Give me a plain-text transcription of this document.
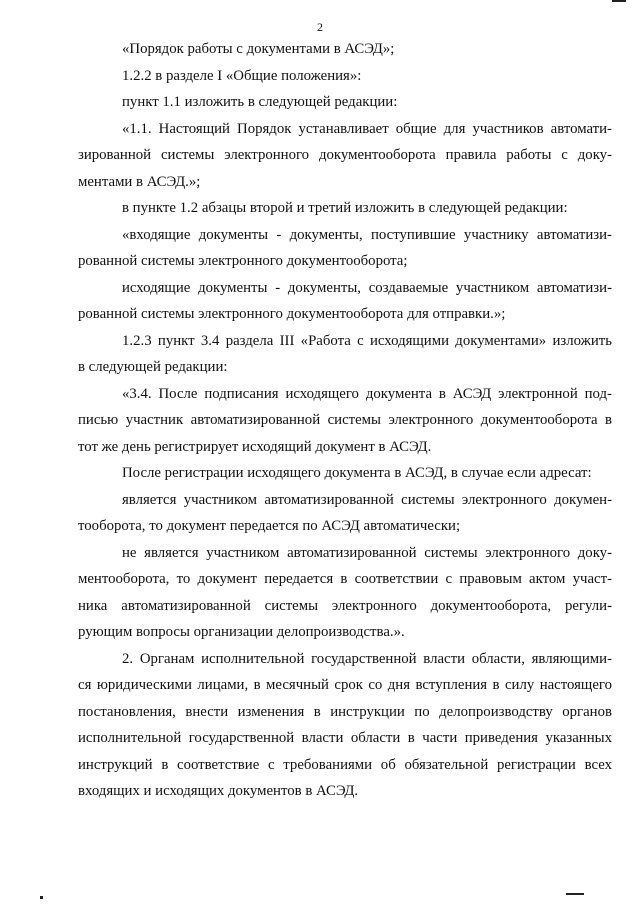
2
«Порядок работы с документами в АСЭД»;
1.2.2 в разделе I «Общие положения»:
пункт 1.1 изложить в следующей редакции:
«1.1. Настоящий Порядок устанавливает общие для участников автомати-
зированной системы электронного документооборота правила работы с доку-
ментами в АСЭД.»;
в пункте 1.2 абзацы второй и третий изложить в следующей редакции:
«входящие документы - документы, поступившие участнику автоматизи-
рованной системы электронного документооборота;
исходящие документы - документы, создаваемые участником автоматизи-
рованной системы электронного документооборота для отправки.»;
1.2.3 пункт 3.4 раздела III «Работа с исходящими документами» изложить
в следующей редакции:
«3.4. После подписания исходящего документа в АСЭД электронной под-
писью участник автоматизированной системы электронного документооборота в
тот же день регистрирует исходящий документ в АСЭД.
После регистрации исходящего документа в АСЭД, в случае если адресат:
является участником автоматизированной системы электронного докумен-
тооборота, то документ передается по АСЭД автоматически;
не является участником автоматизированной системы электронного доку-
ментооборота, то документ передается в соответствии с правовым актом участ-
ника автоматизированной системы электронного документооборота, регули-
рующим вопросы организации делопроизводства.».
2. Органам исполнительной государственной власти области, являющими-
ся юридическими лицами, в месячный срок со дня вступления в силу настоящего
постановления, внести изменения в инструкции по делопроизводству органов
исполнительной государственной власти области в части приведения указанных
инструкций в соответствие с требованиями об обязательной регистрации всех
входящих и исходящих документов в АСЭД.
